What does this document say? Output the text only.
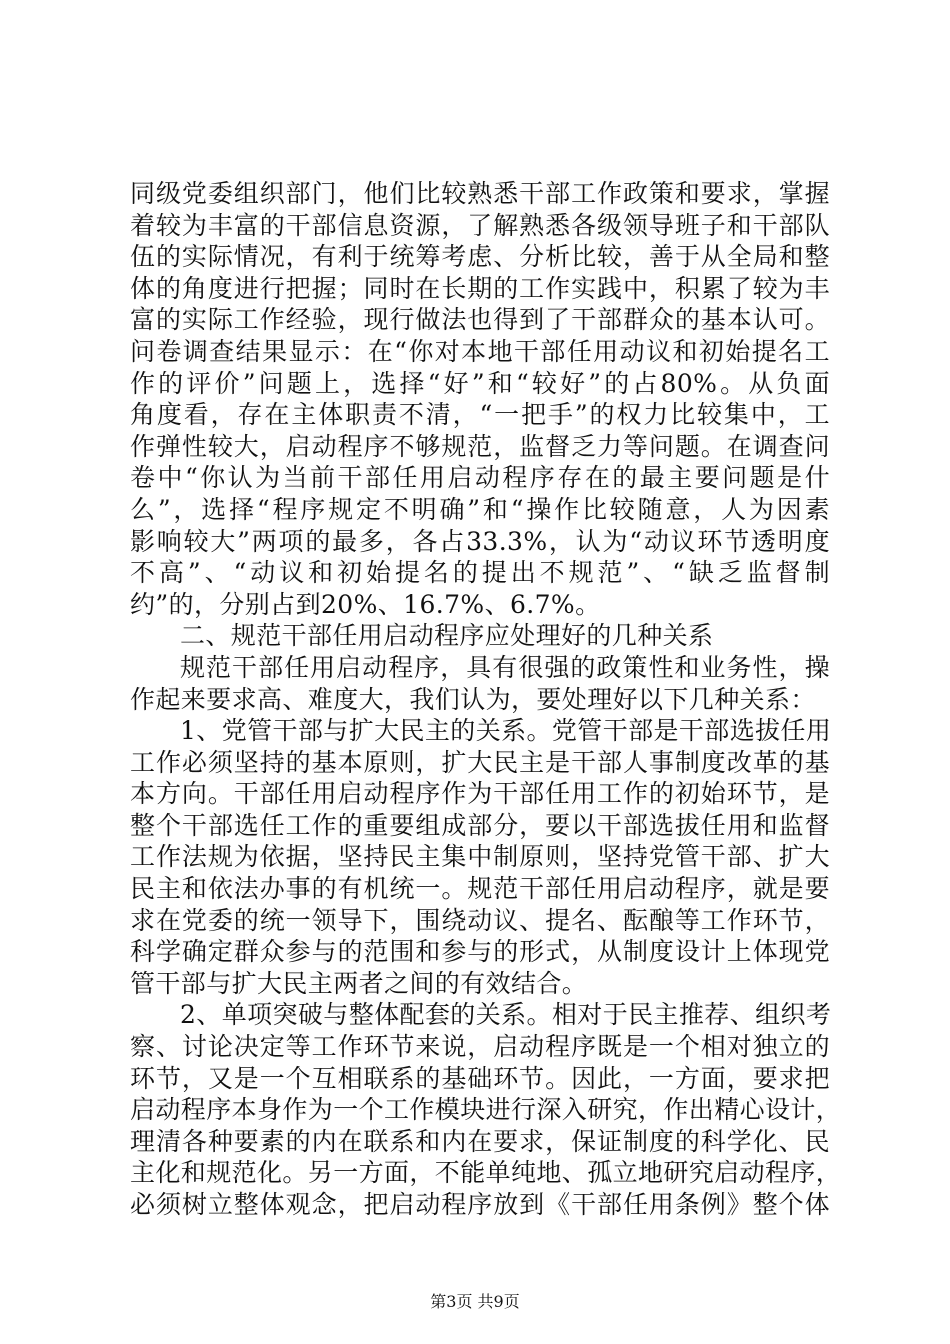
同级党委组织部门，他们比较熟悉干部工作政策和要求，掌握
着较为丰富的干部信息资源，了解熟悉各级领导班子和干部队
伍的实际情况，有利于统筹考虑、分析比较，善于从全局和整
体的角度进行把握；同时在长期的工作实践中，积累了较为丰
富的实际工作经验，现行做法也得到了干部群众的基本认可。
问卷调查结果显示：在“你对本地干部任用动议和初始提名工
作的评价”问题上，选择“好”和“较好”的占80%。从负面
角度看，存在主体职责不清，“一把手”的权力比较集中，工
作弹性较大，启动程序不够规范，监督乏力等问题。在调查问
卷中“你认为当前干部任用启动程序存在的最主要问题是什
么”，选择“程序规定不明确”和“操作比较随意，人为因素
影响较大”两项的最多，各占33.3%，认为“动议环节透明度
不高”、“动议和初始提名的提出不规范”、“缺乏监督制
约”的，分别占到20%、16.7%、6.7%。
二、规范干部任用启动程序应处理好的几种关系
规范干部任用启动程序，具有很强的政策性和业务性，操
作起来要求高、难度大，我们认为，要处理好以下几种关系：
1、党管干部与扩大民主的关系。党管干部是干部选拔任用
工作必须坚持的基本原则，扩大民主是干部人事制度改革的基
本方向。干部任用启动程序作为干部任用工作的初始环节，是
整个干部选任工作的重要组成部分，要以干部选拔任用和监督
工作法规为依据，坚持民主集中制原则，坚持党管干部、扩大
民主和依法办事的有机统一。规范干部任用启动程序，就是要
求在党委的统一领导下，围绕动议、提名、酝酿等工作环节，
科学确定群众参与的范围和参与的形式，从制度设计上体现党
管干部与扩大民主两者之间的有效结合。
2、单项突破与整体配套的关系。相对于民主推荐、组织考
察、讨论决定等工作环节来说，启动程序既是一个相对独立的
环节，又是一个互相联系的基础环节。因此，一方面，要求把
启动程序本身作为一个工作模块进行深入研究，作出精心设计，
理清各种要素的内在联系和内在要求，保证制度的科学化、民
主化和规范化。另一方面，不能单纯地、孤立地研究启动程序，
必须树立整体观念，把启动程序放到《干部任用条例》整个体
第3页 共9页
